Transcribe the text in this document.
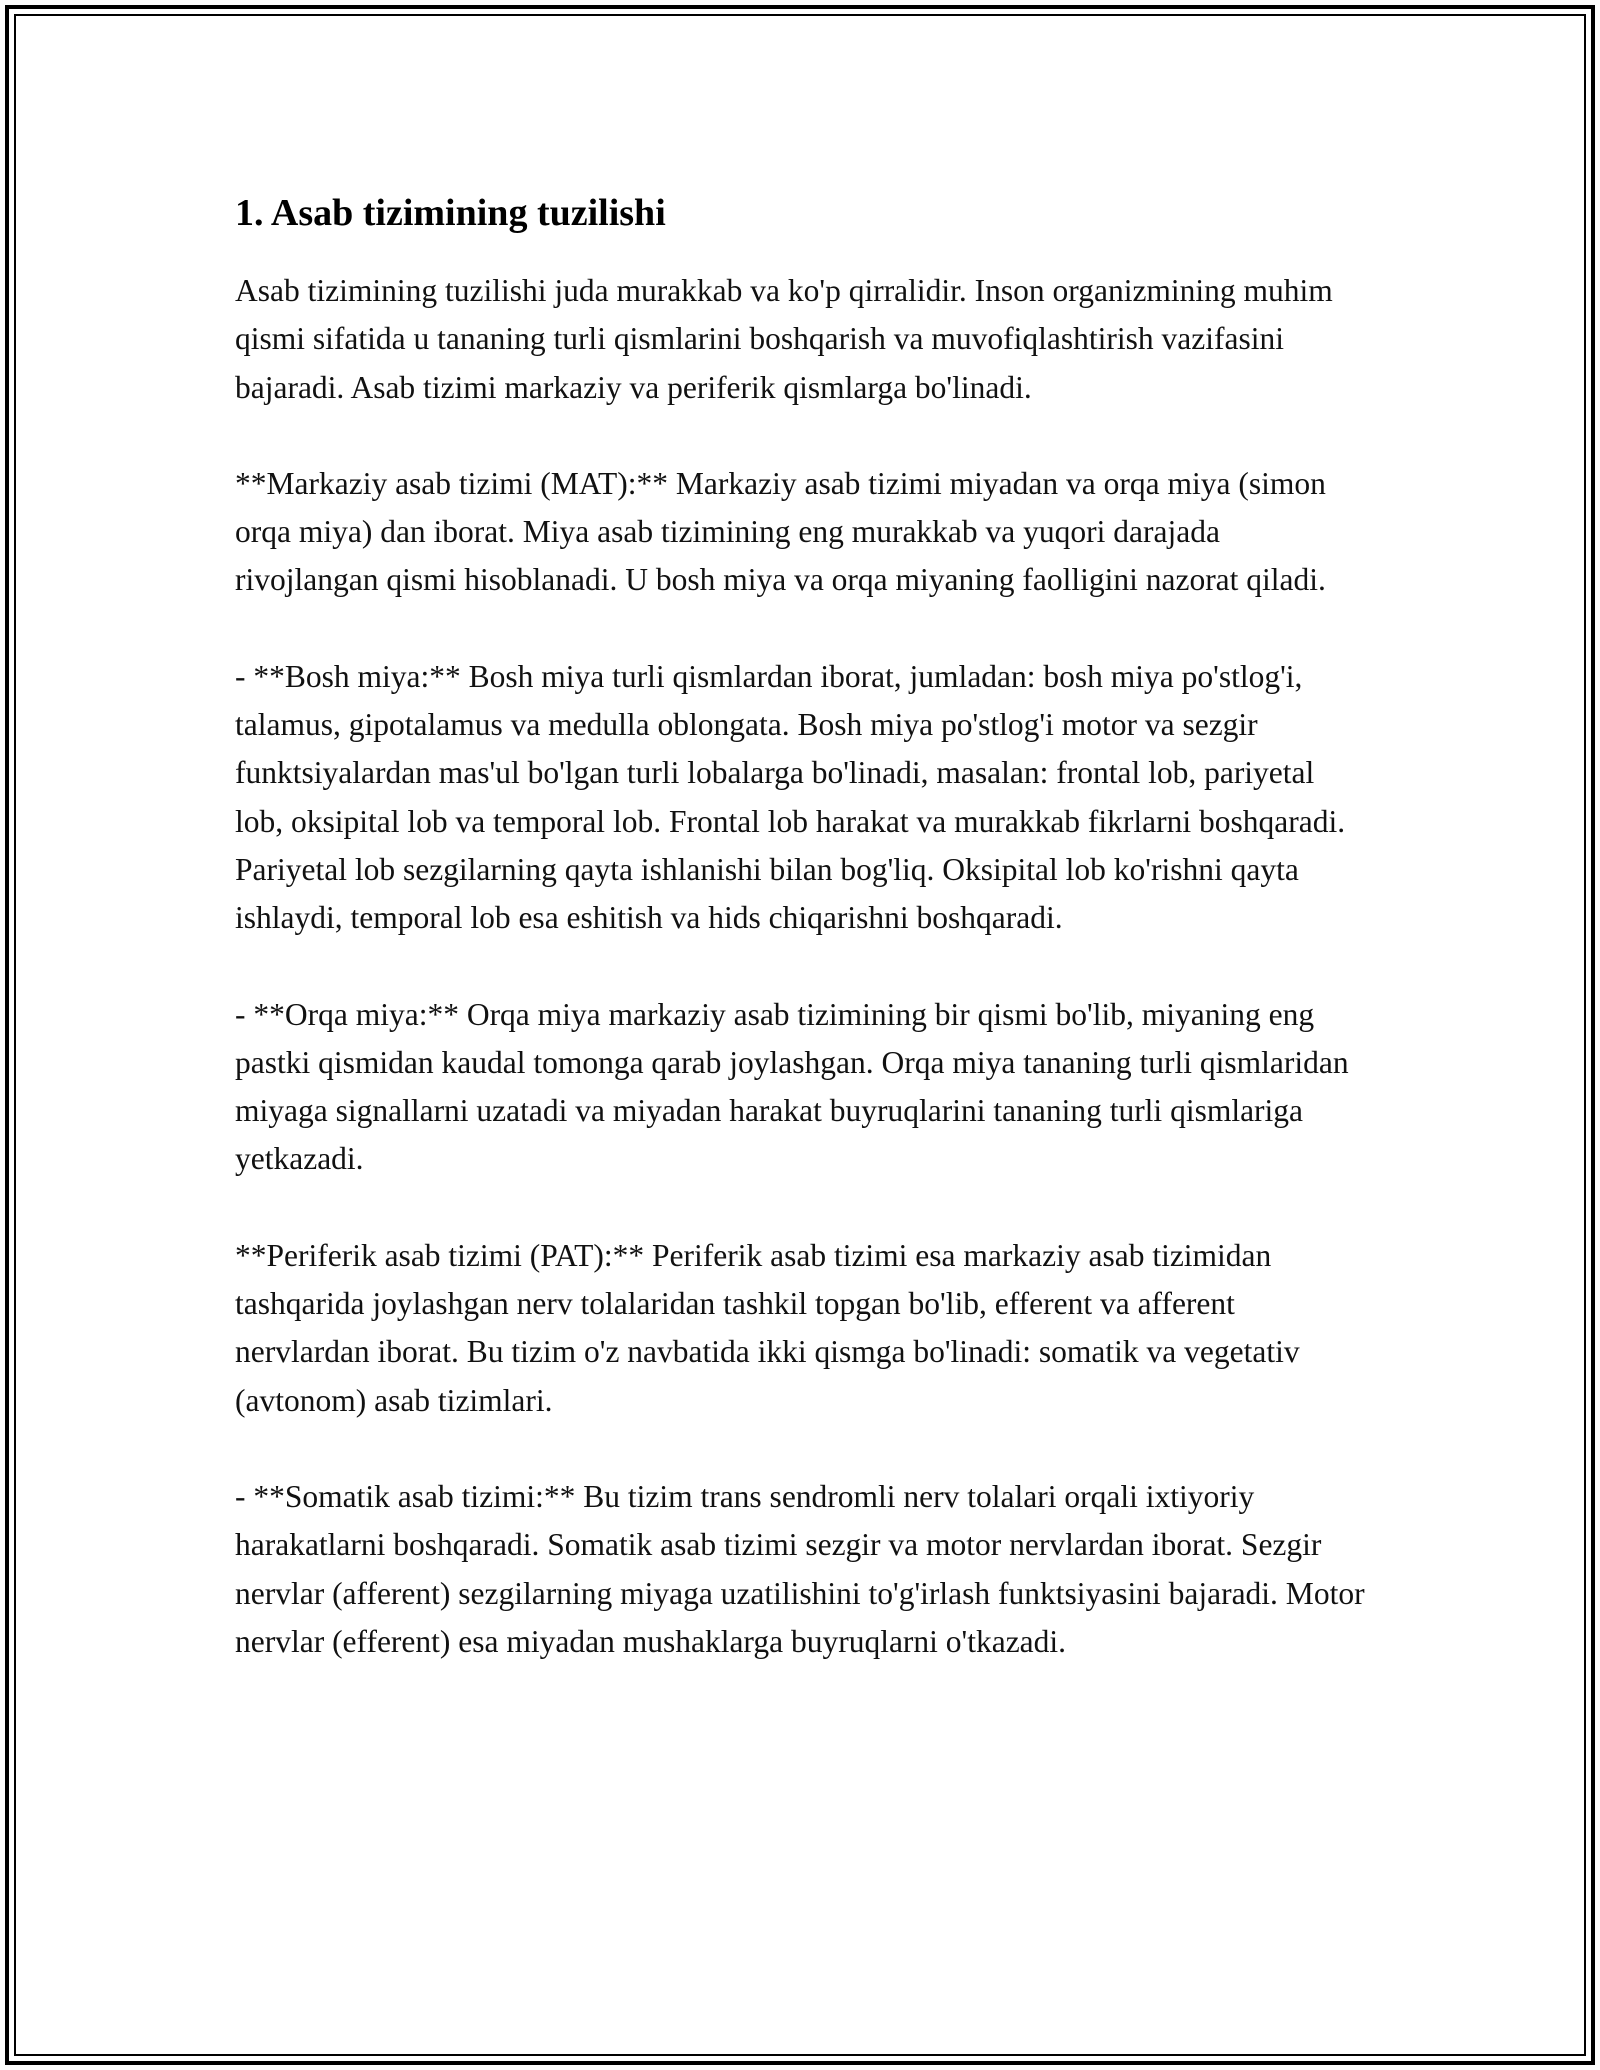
1. Asab tizimining tuzilishi

Asab tizimining tuzilishi juda murakkab va ko'p qirralidir. Inson organizmining muhim qismi sifatida u tananing turli qismlarini boshqarish va muvofiqlashtirish vazifasini bajaradi. Asab tizimi markaziy va periferik qismlarga bo'linadi.

**Markaziy asab tizimi (MAT):** Markaziy asab tizimi miyadan va orqa miya (simon orqa miya) dan iborat. Miya asab tizimining eng murakkab va yuqori darajada rivojlangan qismi hisoblanadi. U bosh miya va orqa miyaning faolligini nazorat qiladi.

- **Bosh miya:** Bosh miya turli qismlardan iborat, jumladan: bosh miya po'stlog'i, talamus, gipotalamus va medulla oblongata. Bosh miya po'stlog'i motor va sezgir funktsiyalardan mas'ul bo'lgan turli lobalarga bo'linadi, masalan: frontal lob, pariyetal lob, oksipital lob va temporal lob. Frontal lob harakat va murakkab fikrlarni boshqaradi. Pariyetal lob sezgilarning qayta ishlanishi bilan bog'liq. Oksipital lob ko'rishni qayta ishlaydi, temporal lob esa eshitish va hids chiqarishni boshqaradi.

- **Orqa miya:** Orqa miya markaziy asab tizimining bir qismi bo'lib, miyaning eng pastki qismidan kaudal tomonga qarab joylashgan. Orqa miya tananing turli qismlaridan miyaga signallarni uzatadi va miyadan harakat buyruqlarini tananing turli qismlariga yetkazadi.

**Periferik asab tizimi (PAT):** Periferik asab tizimi esa markaziy asab tizimidan tashqarida joylashgan nerv tolalaridan tashkil topgan bo'lib, efferent va afferent nervlardan iborat. Bu tizim o'z navbatida ikki qismga bo'linadi: somatik va vegetativ (avtonom) asab tizimlari.

- **Somatik asab tizimi:** Bu tizim trans sendromli nerv tolalari orqali ixtiyoriy harakatlarni boshqaradi. Somatik asab tizimi sezgir va motor nervlardan iborat. Sezgir nervlar (afferent) sezgilarning miyaga uzatilishini to'g'irlash funktsiyasini bajaradi. Motor nervlar (efferent) esa miyadan mushaklarga buyruqlarni o'tkazadi.
